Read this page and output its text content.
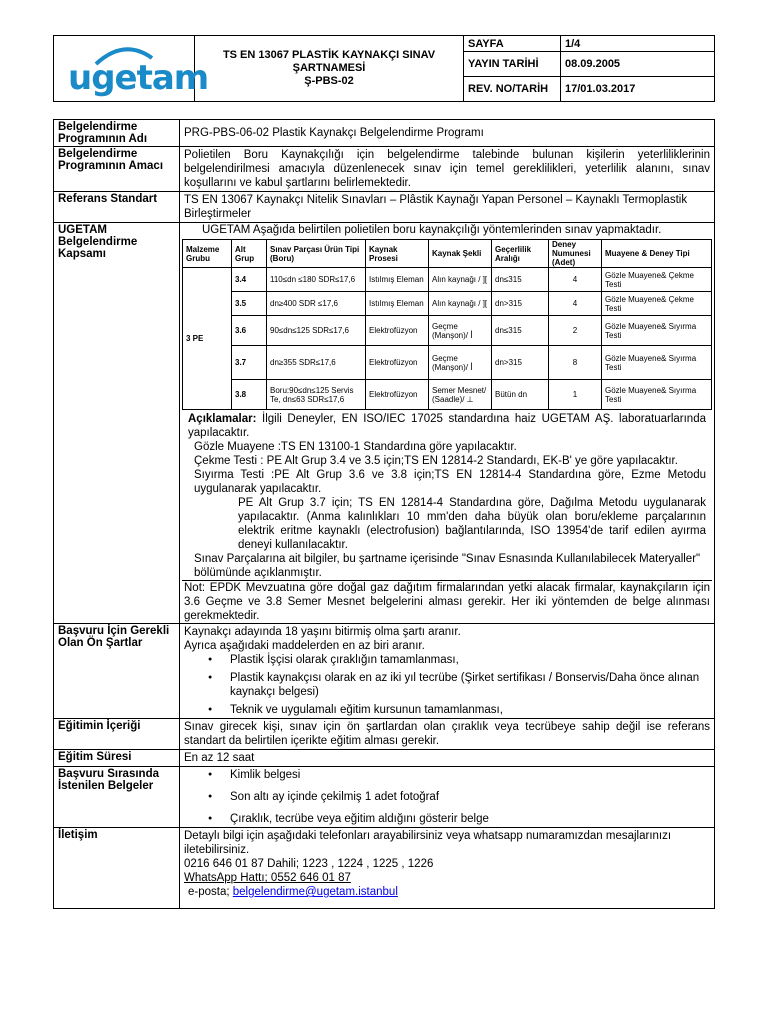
ugetam	TS EN 13067 PLASTİK KAYNAKÇI SINAV
ŞARTNAMESİ
Ş-PBS-02	SAYFA	1/4
		YAYIN TARİHİ	08.09.2005
		REV. NO/TARİH	17/01.03.2017
Belgelendirme Programının Adı	PRG-PBS-06-02 Plastik Kaynakçı Belgelendirme Programı
Belgelendirme Programının Amacı	Polietilen Boru Kaynakçılığı için belgelendirme talebinde bulunan kişilerin yeterliliklerinin belgelendirilmesi amacıyla düzenlenecek sınav için temel gereklilikleri, yeterlilik alanını, sınav koşullarını ve kabul şartlarını belirlemektedir.
Referans Standart	TS EN 13067 Kaynakçı Nitelik Sınavları – Plâstik Kaynağı Yapan Personel – Kaynaklı Termoplastik Birleştirmeler
UGETAM Belgelendirme Kapsamı	
UGETAM Aşağıda belirtilen polietilen boru kaynakçılığı yöntemlerinden sınav yapmaktadır.
Malzeme Grubu	Alt Grup	Sınav Parçası Ürün Tipi (Boru)	Kaynak Prosesi	Kaynak Şekli	Geçerlilik Aralığı	Deney Numunesi (Adet)	Muayene & Deney Tipi
3 PE	3.4	110≤dn ≤180 SDR≤17,6	Istılmış Eleman	Alın kaynağı / ][	dn≤315	4	Gözle Muayene& Çekme Testi
3.5	dn≥400 SDR ≤17,6	Istılmış Eleman	Alın kaynağı / ][	dn>315	4	Gözle Muayene& Çekme Testi
3.6	90≤dn≤125 SDR≤17,6	Elektrofüzyon	Geçme (Manşon)/ ꟾ	dn≤315	2	Gözle Muayene& Sıyırma Testi
3.7	dn≥355 SDR≤17,6	Elektrofüzyon	Geçme (Manşon)/ ꟾ	dn>315	8	Gözle Muayene& Sıyırma Testi
3.8	Boru:90≤dn≤125 Servis Te, dn≤63 SDR≤17,6	Elektrofüzyon	Semer Mesnet/ (Saadle)/ ⊥	Bütün dn	1	Gözle Muayene& Sıyırma Testi
Açıklamalar: İlgili Deneyler, EN ISO/IEC 17025 standardına haiz UGETAM AŞ. laboratuarlarında yapılacaktır.
Gözle Muayene :TS EN 13100-1 Standardına göre yapılacaktır.
Çekme Testi : PE Alt Grup 3.4 ve 3.5 için;TS EN 12814-2 Standardı, EK-B' ye göre yapılacaktır.
Sıyırma Testi :PE Alt Grup 3.6 ve 3.8 için;TS EN 12814-4 Standardına göre, Ezme Metodu uygulanarak yapılacaktır.
PE Alt Grup 3.7 için; TS EN 12814-4 Standardına göre, Dağılma Metodu uygulanarak yapılacaktır. (Anma kalınlıkları 10 mm'den daha büyük olan boru/ekleme parçalarının elektrik eritme kaynaklı (electrofusion) bağlantılarında, ISO 13954'de tarif edilen ayırma deneyi kullanılacaktır.
Sınav Parçalarına ait bilgiler, bu şartname içerisinde "Sınav Esnasında Kullanılabilecek Materyaller" bölümünde açıklanmıştır.
Not: EPDK Mevzuatına göre doğal gaz dağıtım firmalarından yetki alacak firmalar, kaynakçıların için 3.6 Geçme ve 3.8 Semer Mesnet belgelerini alması gerekir. Her iki yöntemden de belge alınması gerekmektedir.

Başvuru İçin Gerekli Olan Ön Şartlar	
Kaynakçı adayında 18 yaşını bitirmiş olma şartı aranır.
Ayrıca aşağıdaki maddelerden en az biri aranır.
● Plastik İşçisi olarak çıraklığın tamamlanması,
● Plastik kaynakçısı olarak en az iki yıl tecrübe (Şirket sertifikası / Bonservis/Daha önce alınan kaynakçı belgesi)
● Teknik ve uygulamalı eğitim kursunun tamamlanması,

Eğitimin İçeriği	Sınav girecek kişi, sınav için ön şartlardan olan çıraklık veya tecrübeye sahip değil ise referans standart da belirtilen içerikte eğitim alması gerekir.
Eğitim Süresi	En az 12 saat
Başvuru Sırasında İstenilen Belgeler	
● Kimlik belgesi
● Son altı ay içinde çekilmiş 1 adet fotoğraf
● Çıraklık, tecrübe veya eğitim aldığını gösterir belge

İletişim	Detaylı bilgi için aşağıdaki telefonları arayabilirsiniz veya whatsapp numaramızdan mesajlarınızı iletebilirsiniz.
0216 646 01 87 Dahili; 1223 , 1224 , 1225 , 1226
WhatsApp Hattı; 0552 646 01 87
e-posta; belgelendirme@ugetam.istanbul
